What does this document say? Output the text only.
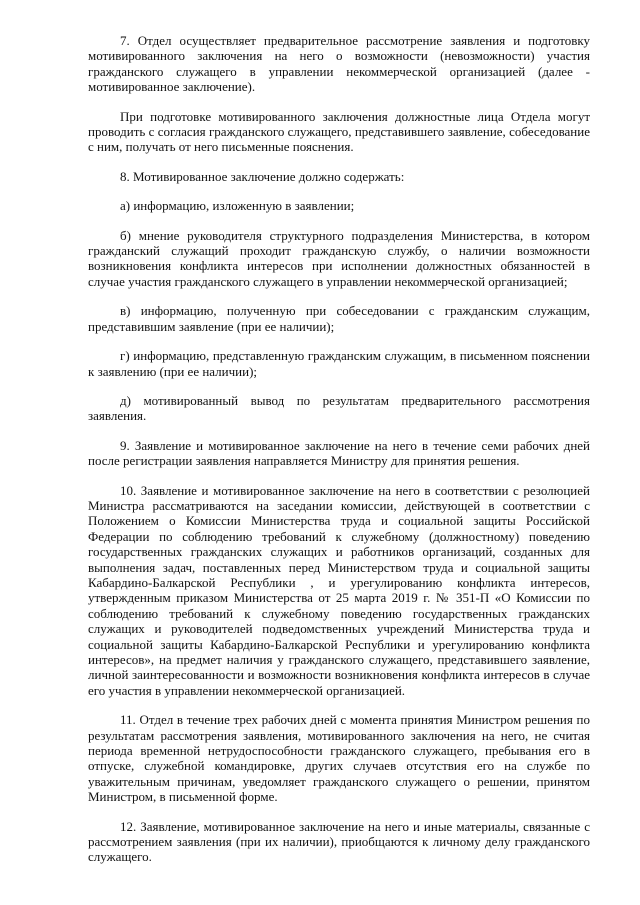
7. Отдел осуществляет предварительное рассмотрение заявления и подготовку мотивированного заключения на него о возможности (невозможности) участия гражданского служащего в управлении некоммерческой организацией (далее - мотивированное заключение).

При подготовке мотивированного заключения должностные лица Отдела могут проводить с согласия гражданского служащего, представившего заявление, собеседование с ним, получать от него письменные пояснения.

8. Мотивированное заключение должно содержать:

а) информацию, изложенную в заявлении;

б) мнение руководителя структурного подразделения Министерства, в котором гражданский служащий проходит гражданскую службу, о наличии возможности возникновения конфликта интересов при исполнении должностных обязанностей в случае участия гражданского служащего в управлении некоммерческой организацией;

в) информацию, полученную при собеседовании с гражданским служащим, представившим заявление (при ее наличии);

г) информацию, представленную гражданским служащим, в письменном пояснении к заявлению (при ее наличии);

д) мотивированный вывод по результатам предварительного рассмотрения заявления.

9. Заявление и мотивированное заключение на него в течение семи рабочих дней после регистрации заявления направляется Министру для принятия решения.

10. Заявление и мотивированное заключение на него в соответствии с резолюцией Министра рассматриваются на заседании комиссии, действующей в соответствии с Положением о Комиссии Министерства труда и социальной защиты Российской Федерации по соблюдению требований к служебному (должностному) поведению государственных гражданских служащих и работников организаций, созданных для выполнения задач, поставленных перед Министерством труда и социальной защиты Кабардино-Балкарской Республики , и урегулированию конфликта интересов, утвержденным приказом Министерства от 25 марта 2019 г. № 351-П «О Комиссии по соблюдению требований к служебному поведению государственных гражданских служащих и руководителей подведомственных учреждений Министерства труда и социальной защиты Кабардино-Балкарской Республики и урегулированию конфликта интересов», на предмет наличия у гражданского служащего, представившего заявление, личной заинтересованности и возможности возникновения конфликта интересов в случае его участия в управлении некоммерческой организацией.

11. Отдел в течение трех рабочих дней с момента принятия Министром решения по результатам рассмотрения заявления, мотивированного заключения на него, не считая периода временной нетрудоспособности гражданского служащего, пребывания его в отпуске, служебной командировке, других случаев отсутствия его на службе по уважительным причинам, уведомляет гражданского служащего о решении, принятом Министром, в письменной форме.

12. Заявление, мотивированное заключение на него и иные материалы, связанные с рассмотрением заявления (при их наличии), приобщаются к личному делу гражданского служащего.
